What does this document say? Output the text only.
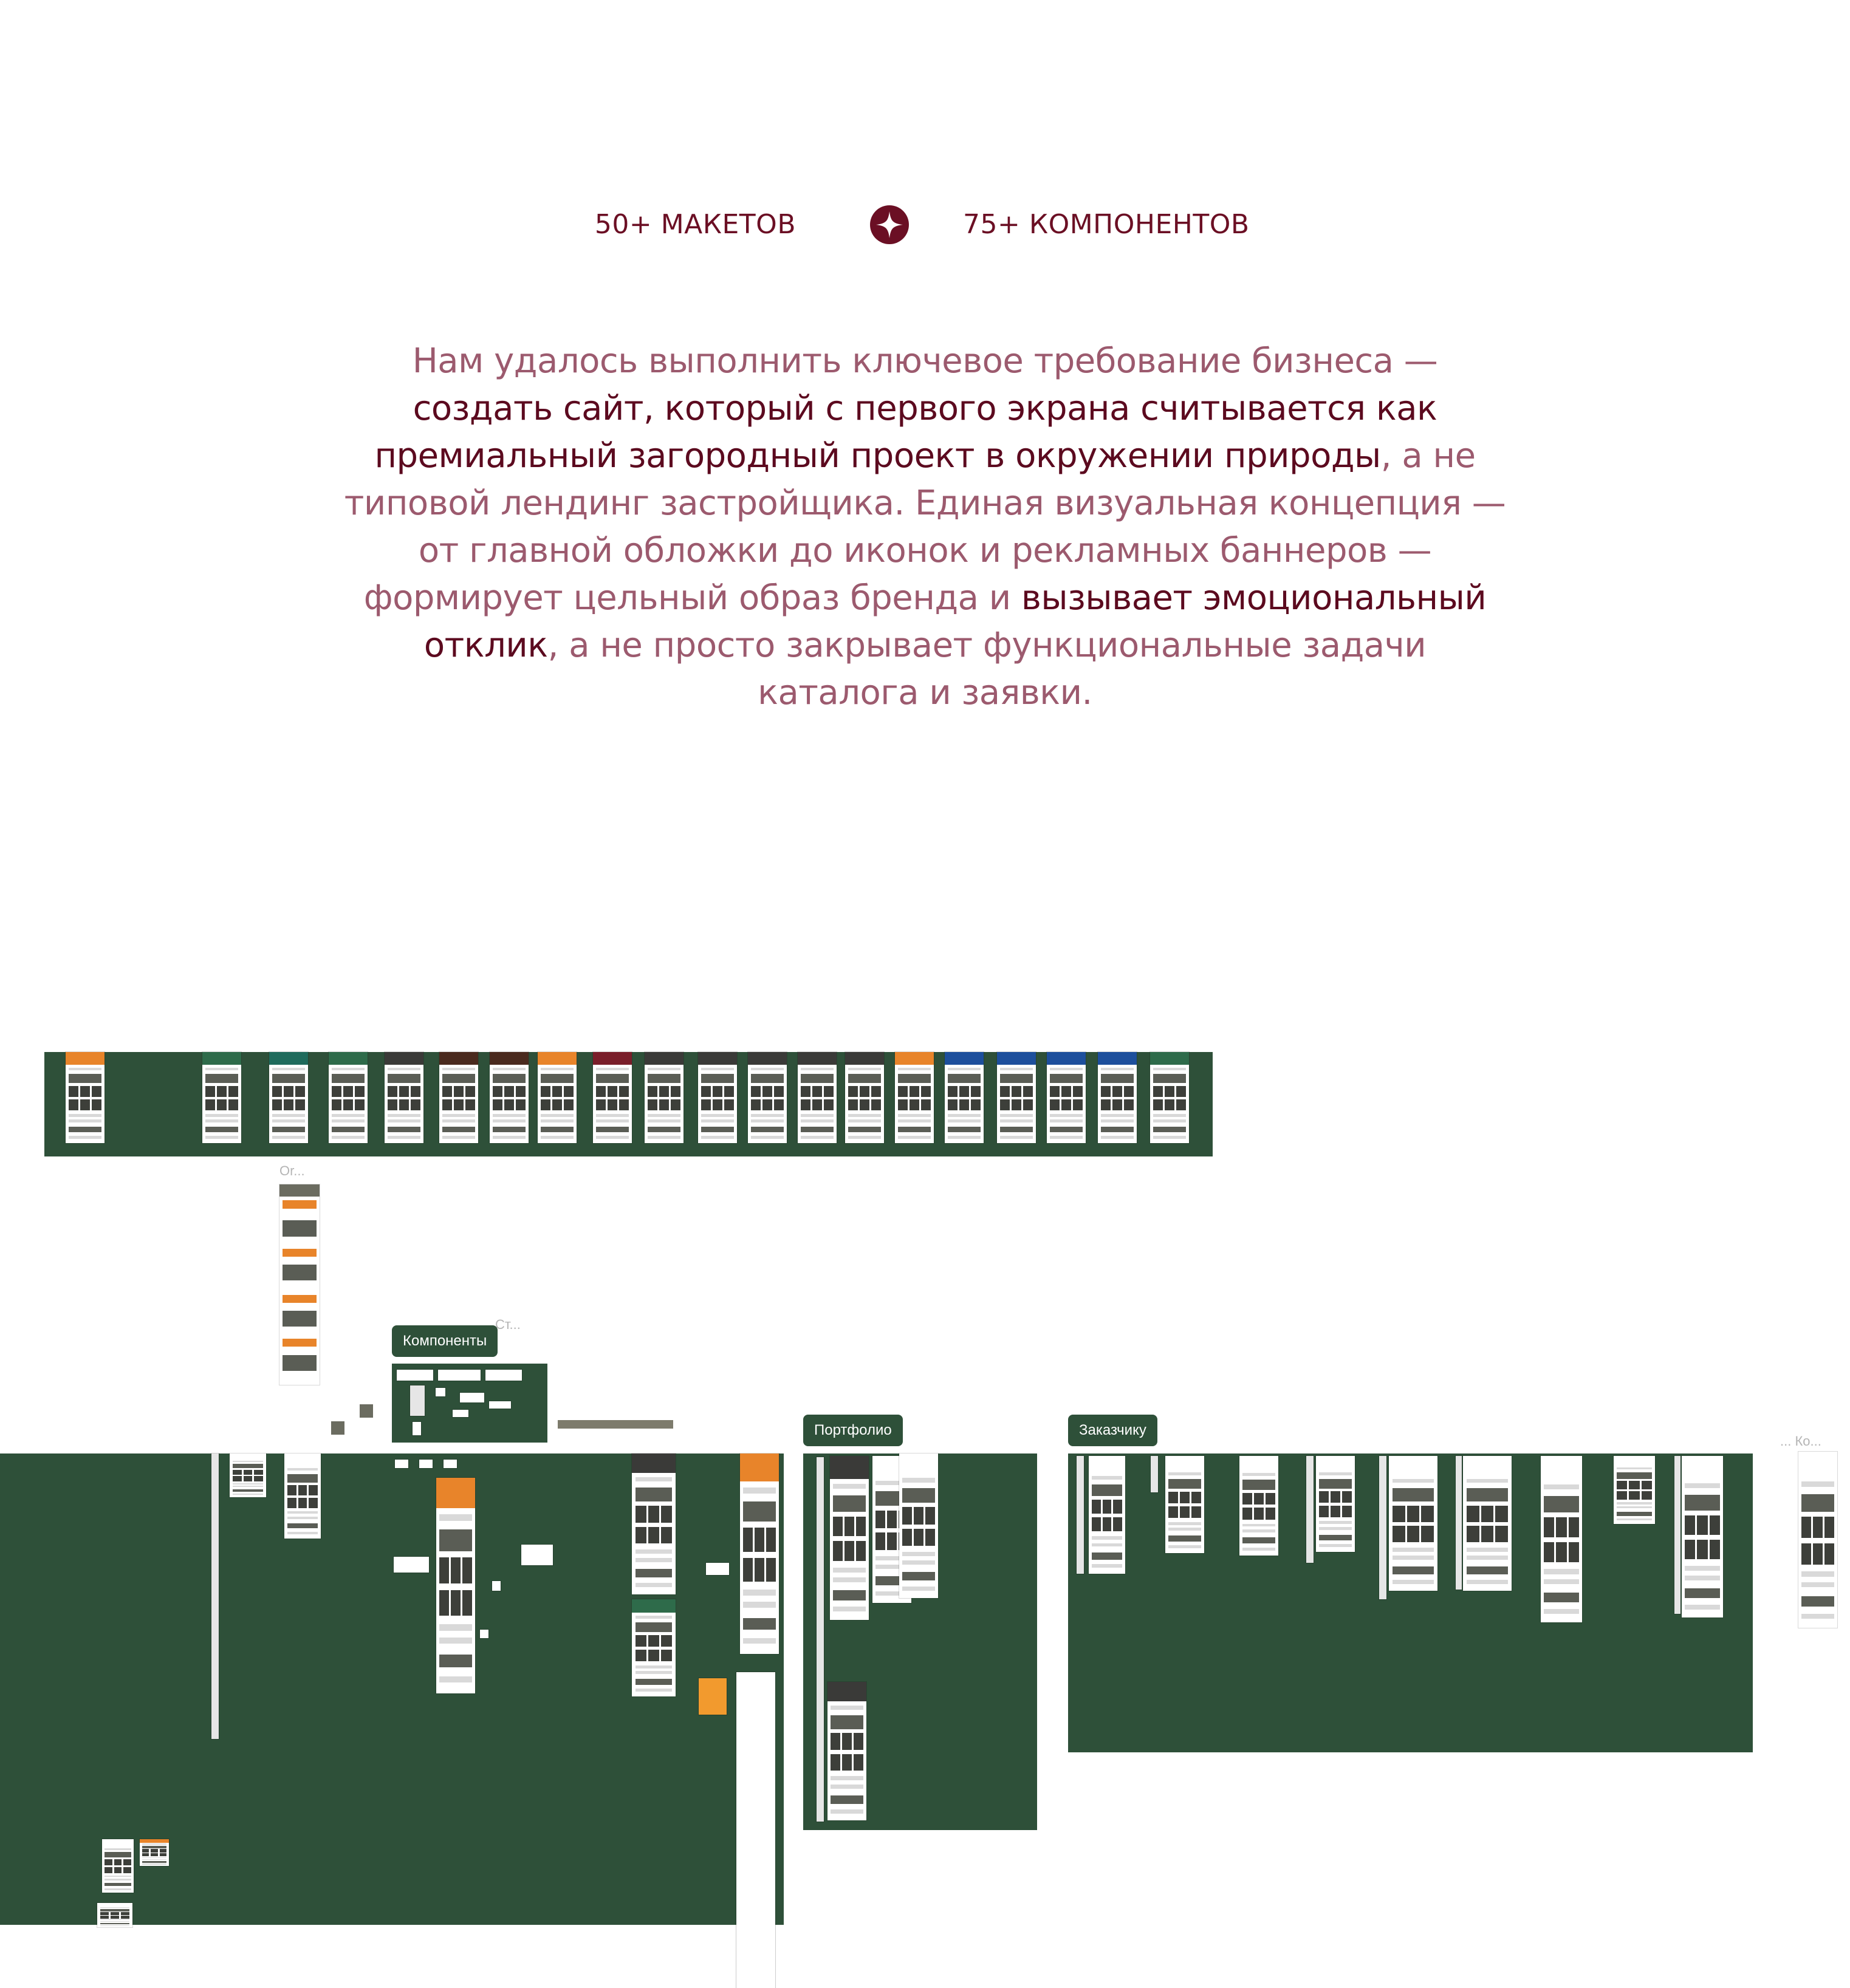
50+ МАКЕТОВ	75+ КОМПОНЕНТОВ

Нам удалось выполнить ключевое требование бизнеса — создать сайт, который с первого экрана считывается как премиальный загородный проект в окружении природы, а не типовой лендинг застройщика. Единая визуальная концепция — от главной обложки до иконок и рекламных баннеров — формирует цельный образ бренда и вызывает эмоциональный отклик, а не просто закрывает функциональные задачи каталога и заявки.

Or...
Компоненты
Ст...
Портфолио	Заказчику
... Ко...
